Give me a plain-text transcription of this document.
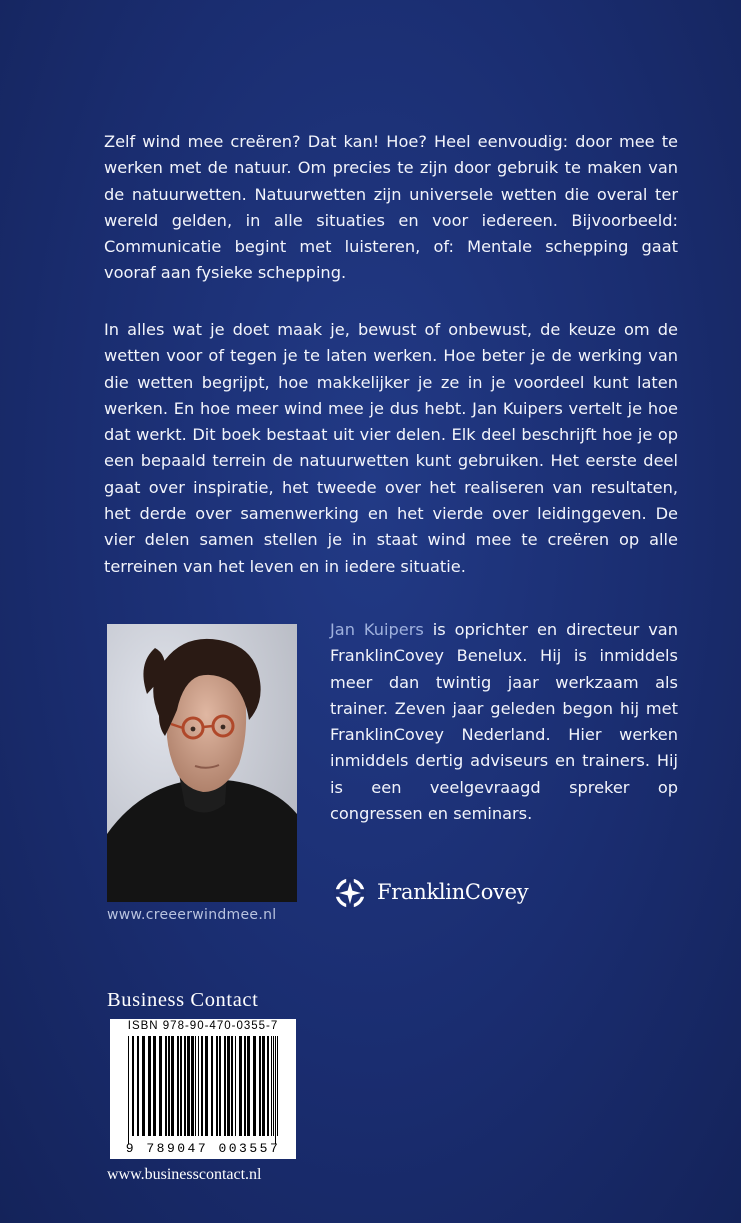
Zelf wind mee creëren? Dat kan! Hoe? Heel eenvoudig: door mee te werken met de natuur. Om precies te zijn door gebruik te maken van de natuurwetten. Natuurwetten zijn universele wetten die overal ter wereld gelden, in alle situaties en voor iedereen. Bijvoorbeeld: Communicatie begint met luisteren, of: Mentale schepping gaat vooraf aan fysieke schepping.

In alles wat je doet maak je, bewust of onbewust, de keuze om de wetten voor of tegen je te laten werken. Hoe beter je de werking van die wetten begrijpt, hoe makkelijker je ze in je voordeel kunt laten werken. En hoe meer wind mee je dus hebt. Jan Kuipers vertelt je hoe dat werkt. Dit boek bestaat uit vier delen. Elk deel beschrijft hoe je op een bepaald terrein de natuurwetten kunt gebruiken. Het eerste deel gaat over inspiratie, het tweede over het realiseren van resultaten, het derde over samenwerking en het vierde over leidinggeven. De vier delen samen stellen je in staat wind mee te creëren op alle terreinen van het leven en in iedere situatie.

www.creeerwindmee.nl

Jan Kuipers is oprichter en directeur van FranklinCovey Benelux. Hij is inmiddels meer dan twintig jaar werkzaam als trainer. Zeven jaar geleden begon hij met FranklinCovey Nederland. Hier werken inmiddels dertig adviseurs en trainers. Hij is een veelgevraagd spreker op congressen en seminars.

FranklinCovey
Business Contact
ISBN 978-90-470-0355-7
9 789047 003557
www.businesscontact.nl
